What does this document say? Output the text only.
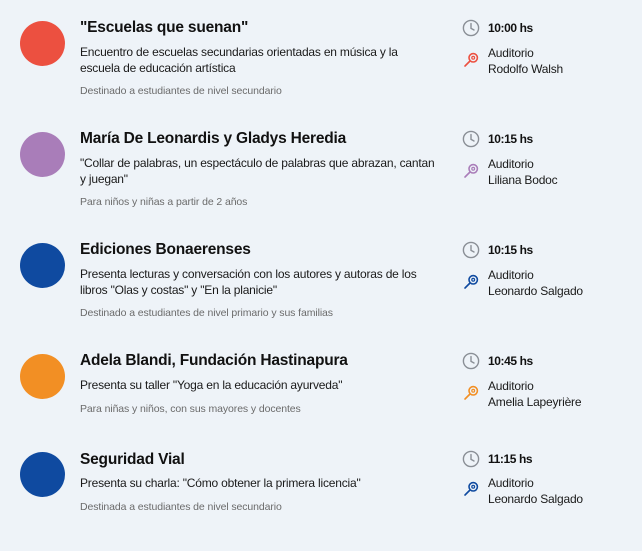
"Escuelas que suenan"
Encuentro de escuelas secundarias orientadas en música y la escuela de educación artística
Destinado a estudiantes de nivel secundario
10:00 hs
Auditorio
Rodolfo Walsh
María De Leonardis y Gladys Heredia
"Collar de palabras, un espectáculo de palabras que abrazan, cantan y juegan"
Para niños y niñas a partir de 2 años
10:15 hs
Auditorio
Liliana Bodoc
Ediciones Bonaerenses
Presenta lecturas y conversación con los autores y autoras de los libros "Olas y costas" y "En la planicie"
Destinado a estudiantes de nivel primario y sus familias
10:15 hs
Auditorio
Leonardo Salgado
Adela Blandi, Fundación Hastinapura
Presenta su taller "Yoga en la educación ayurveda"
Para niñas y niños, con sus mayores y docentes
10:45 hs
Auditorio
Amelia Lapeyrière
Seguridad Vial
Presenta su charla: "Cómo obtener la primera licencia"
Destinada a estudiantes de nivel secundario
11:15 hs
Auditorio
Leonardo Salgado
